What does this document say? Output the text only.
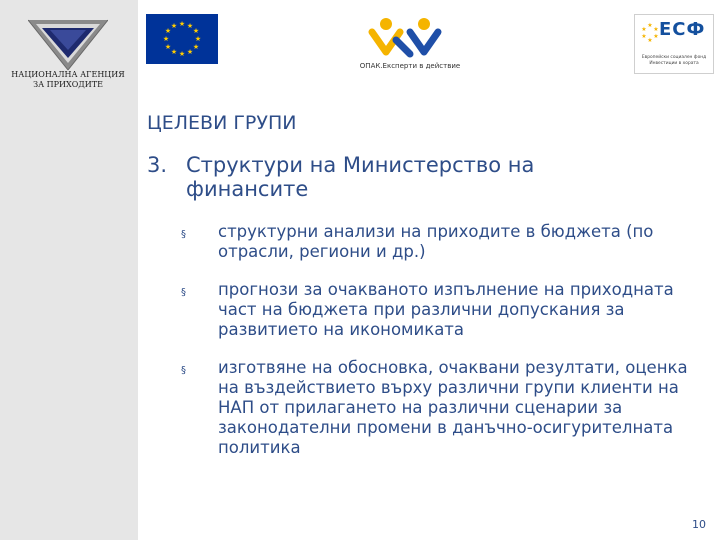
НАЦИОНАЛНА АГЕНЦИЯ ЗА ПРИХОДИТЕ
★ ★
★
★
★
★
★
★
★
★
★
★
ОПАК.Експерти в действие
★
★
★
★
★
★ ЕСФ
Европейски социален фонд Инвестиции в хората
ЦЕЛЕВИ ГРУПИ
3. Структури на Министерство на финансите
§ структурни анализи на приходите в бюджета (по отрасли, региони и др.)
§ прогнози за очакваното изпълнение на приходната част на бюджета при различни допускания за развитието на икономиката
§ изготвяне на обосновка, очаквани резултати, оценка на въздействието върху различни групи клиенти на НАП от прилагането на различни сценарии за законодателни промени в данъчно-осигурителната политика
10
